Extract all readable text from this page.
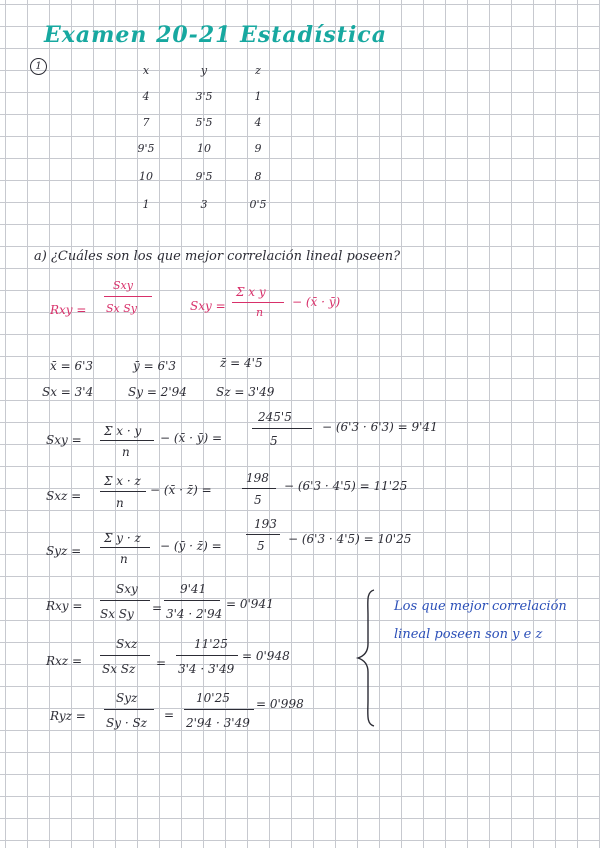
Examen 20-21 Estadística
1	x	y	z
4	3'5	1
7	5'5	4
9'5	10	9
10	9'5	8
1	3	0'5
a) ¿Cuáles son los que mejor correlación lineal poseen?
Rxy =
Sxy
Sx Sy	Sxy =
Σ x y
n
− (x̄ · ȳ)
x̄ = 6'3	ȳ = 6'3	z̄ = 4'5
Sx = 3'4	Sy = 2'94 Sz = 3'49
Sxy =
Σ x · y
n
− (x̄ · ȳ) =
245'5
5
− (6'3 · 6'3) = 9'41
Sxz =
Σ x · z
n
− (x̄ · z̄) =
198
5
− (6'3 · 4'5) = 11'25
Syz =
Σ y · z
n
− (ȳ · z̄) =
193
5 − (6'3 · 4'5) = 10'25
Rxy =
Sxy
Sx Sy =
9'41
3'4 · 2'94
= 0'941
Rxz =
Sxz
Sx Sz =
11'25
3'4 · 3'49
= 0'948
Ryz =
Syz
Sy · Sz
=
10'25
2'94 · 3'49
= 0'998
Los que mejor correlación
lineal poseen son y e z
